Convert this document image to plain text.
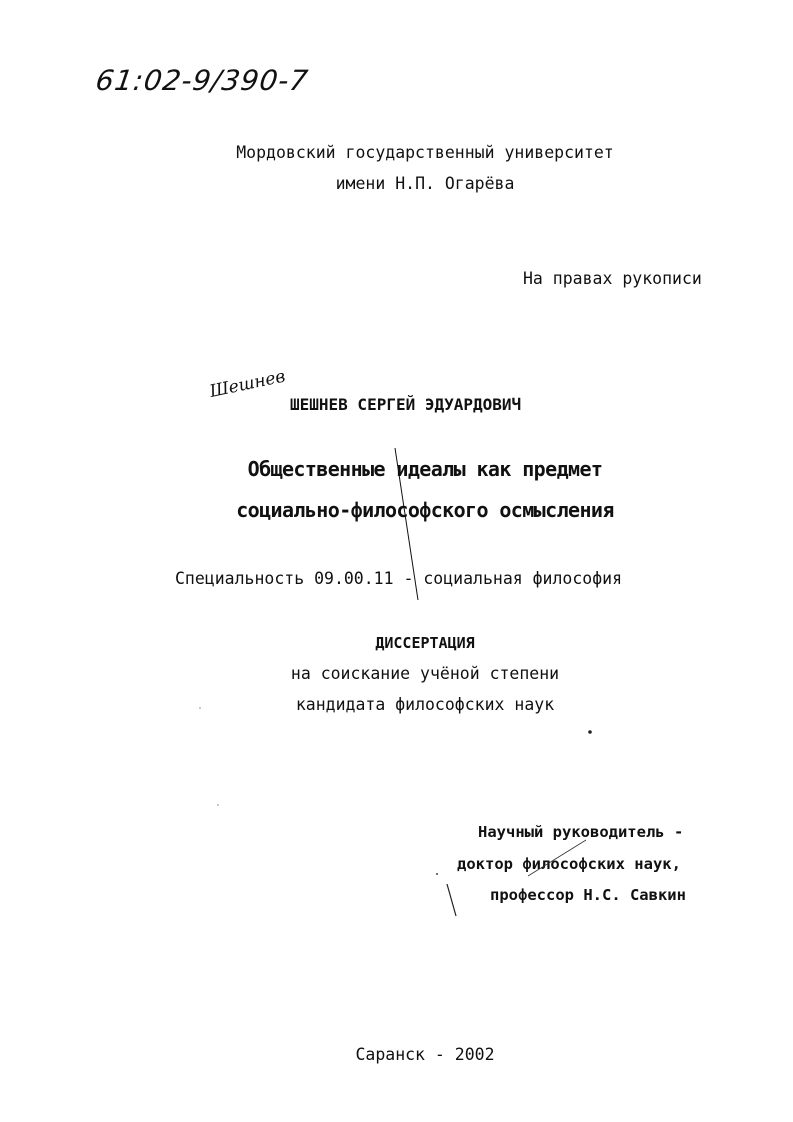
61:02-9/390-7
Мордовский государственный университет
имени Н.П. Огарёва
На правах рукописи
Шешнев
ШЕШНЕВ СЕРГЕЙ ЭДУАРДОВИЧ
Общественные идеалы как предмет
социально-философского осмысления
Специальность 09.00.11 - социальная философия
ДИССЕРТАЦИЯ
на соискание учёной степени
кандидата философских наук
Научный руководитель -
доктор философских наук,
профессор Н.С. Савкин
Саранск - 2002
